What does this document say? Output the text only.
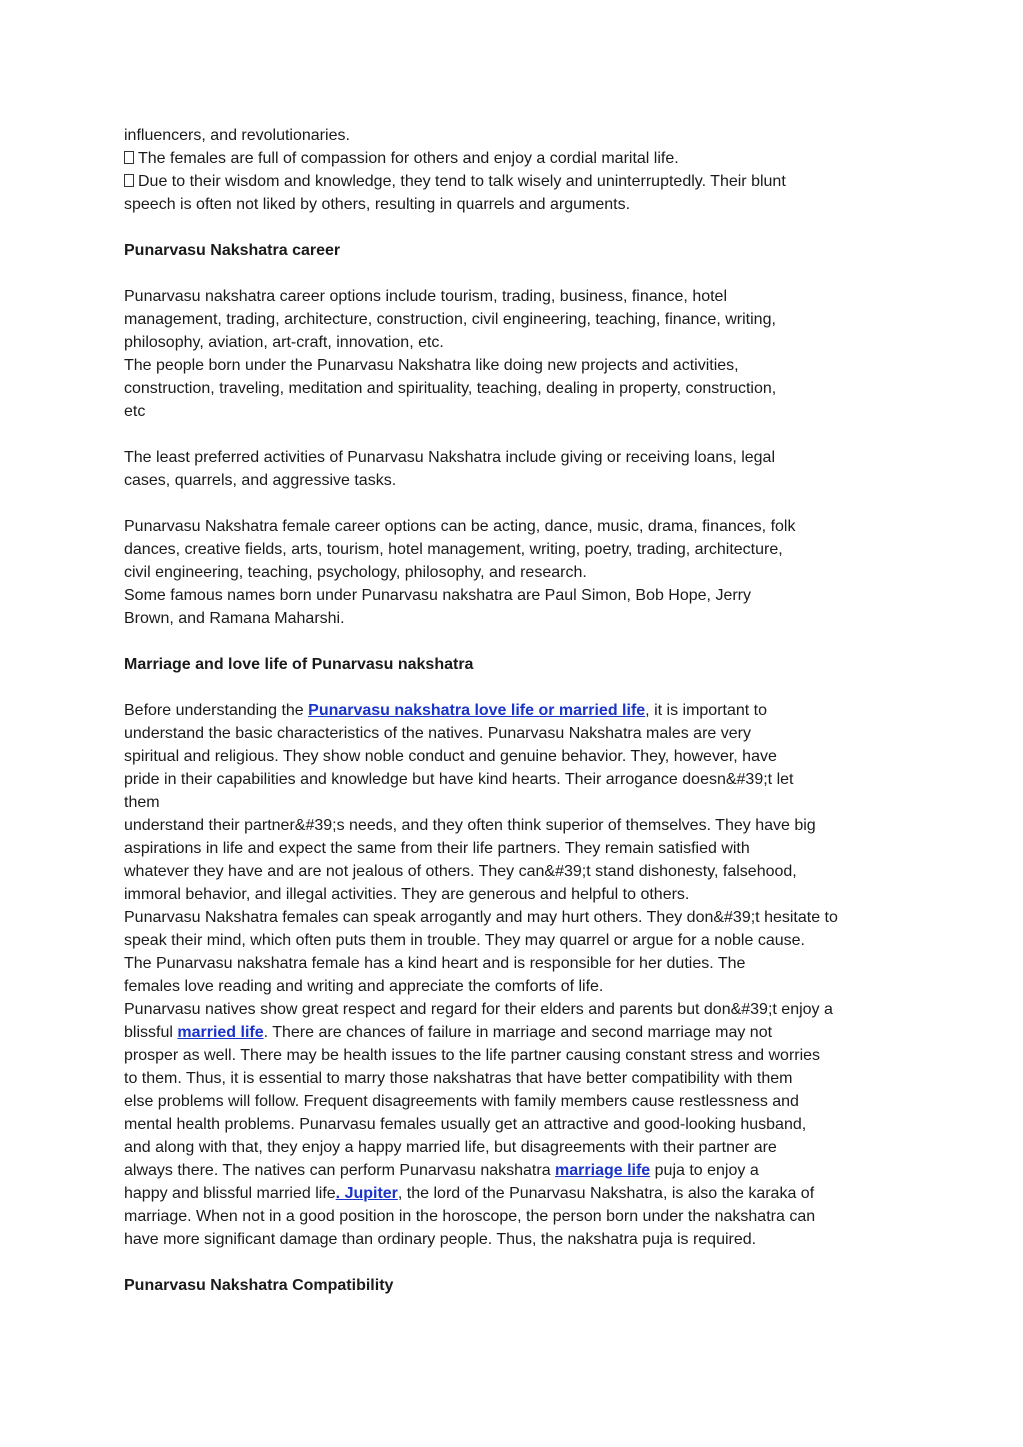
influencers, and revolutionaries.
The females are full of compassion for others and enjoy a cordial marital life.
Due to their wisdom and knowledge, they tend to talk wisely and uninterruptedly. Their blunt
speech is often not liked by others, resulting in quarrels and arguments.
Punarvasu Nakshatra career
Punarvasu nakshatra career options include tourism, trading, business, finance, hotel
management, trading, architecture, construction, civil engineering, teaching, finance, writing,
philosophy, aviation, art-craft, innovation, etc.
The people born under the Punarvasu Nakshatra like doing new projects and activities,
construction, traveling, meditation and spirituality, teaching, dealing in property, construction,
etc
The least preferred activities of Punarvasu Nakshatra include giving or receiving loans, legal
cases, quarrels, and aggressive tasks.
Punarvasu Nakshatra female career options can be acting, dance, music, drama, finances, folk
dances, creative fields, arts, tourism, hotel management, writing, poetry, trading, architecture,
civil engineering, teaching, psychology, philosophy, and research.
Some famous names born under Punarvasu nakshatra are Paul Simon, Bob Hope, Jerry
Brown, and Ramana Maharshi.
Marriage and love life of Punarvasu nakshatra
Before understanding the Punarvasu nakshatra love life or married life, it is important to
understand the basic characteristics of the natives. Punarvasu Nakshatra males are very
spiritual and religious. They show noble conduct and genuine behavior. They, however, have
pride in their capabilities and knowledge but have kind hearts. Their arrogance doesn&#39;t let
them
understand their partner&#39;s needs, and they often think superior of themselves. They have big
aspirations in life and expect the same from their life partners. They remain satisfied with
whatever they have and are not jealous of others. They can&#39;t stand dishonesty, falsehood,
immoral behavior, and illegal activities. They are generous and helpful to others.
Punarvasu Nakshatra females can speak arrogantly and may hurt others. They don&#39;t hesitate to
speak their mind, which often puts them in trouble. They may quarrel or argue for a noble cause.
The Punarvasu nakshatra female has a kind heart and is responsible for her duties. The
females love reading and writing and appreciate the comforts of life.
Punarvasu natives show great respect and regard for their elders and parents but don&#39;t enjoy a
blissful married life. There are chances of failure in marriage and second marriage may not
prosper as well. There may be health issues to the life partner causing constant stress and worries
to them. Thus, it is essential to marry those nakshatras that have better compatibility with them
else problems will follow. Frequent disagreements with family members cause restlessness and
mental health problems. Punarvasu females usually get an attractive and good-looking husband,
and along with that, they enjoy a happy married life, but disagreements with their partner are
always there. The natives can perform Punarvasu nakshatra marriage life puja to enjoy a
happy and blissful married life. Jupiter, the lord of the Punarvasu Nakshatra, is also the karaka of
marriage. When not in a good position in the horoscope, the person born under the nakshatra can
have more significant damage than ordinary people. Thus, the nakshatra puja is required.
Punarvasu Nakshatra Compatibility
